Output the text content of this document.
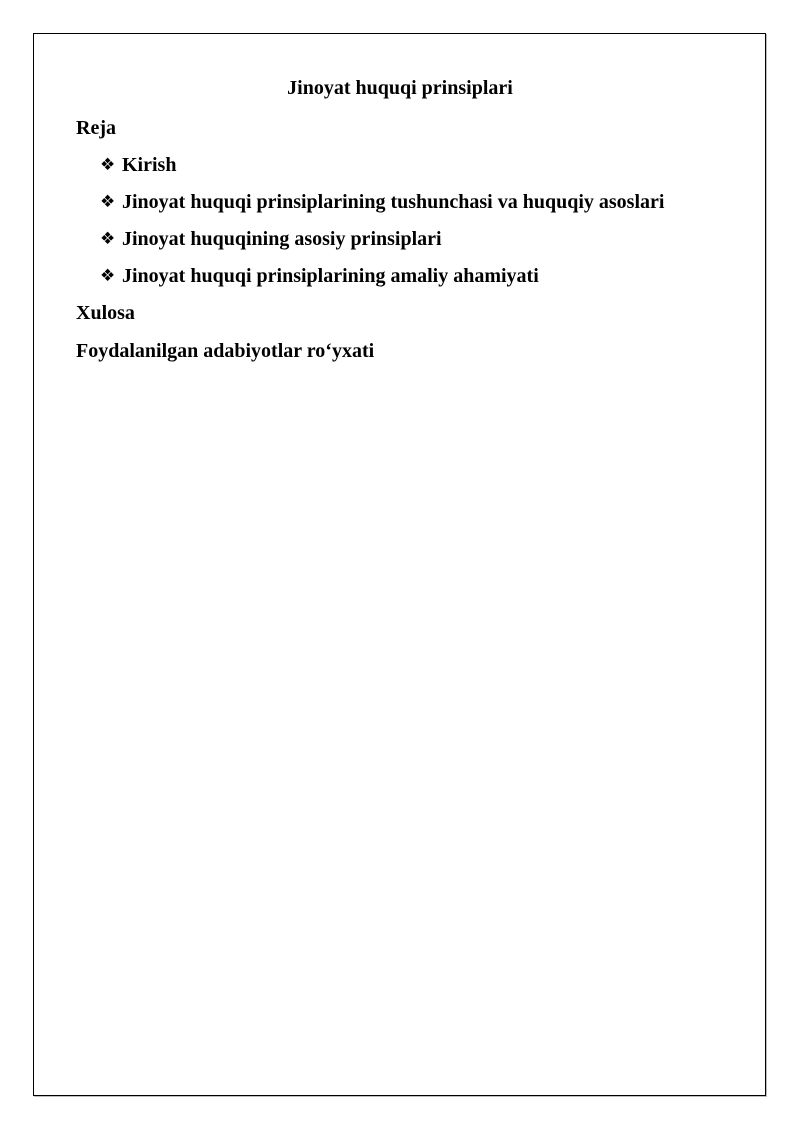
Jinoyat huquqi prinsiplari

Reja

❖ Kirish

❖ Jinoyat huquqi prinsiplarining tushunchasi va huquqiy asoslari

❖ Jinoyat huquqining asosiy prinsiplari

❖ Jinoyat huquqi prinsiplarining amaliy ahamiyati

Xulosa

Foydalanilgan adabiyotlar ro‘yxati
